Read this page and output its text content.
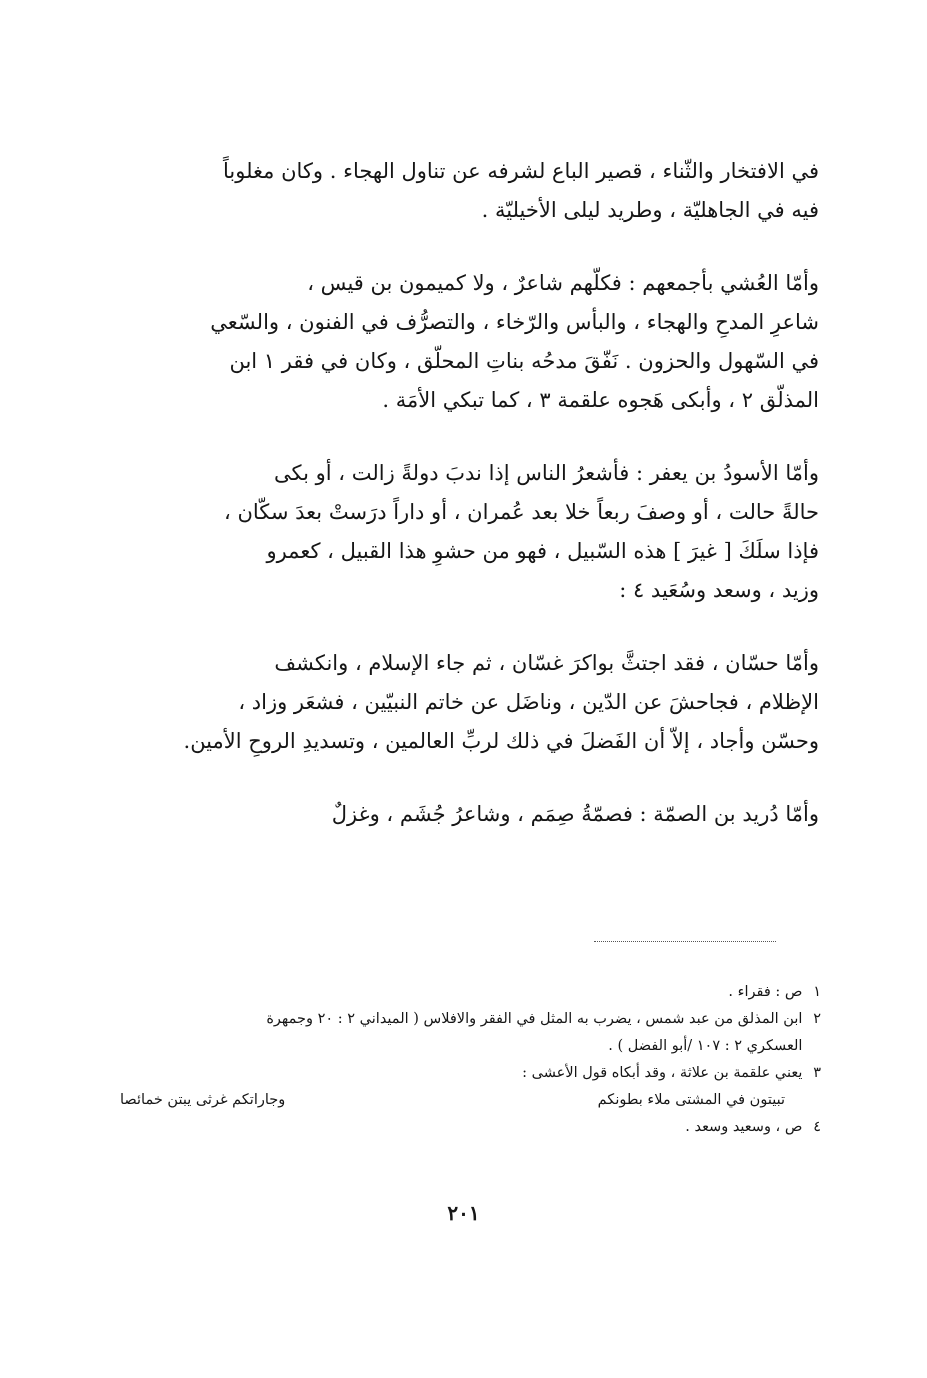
في الافتخار والثّناء ، قصير الباع لشرفه عن تناول الهجاء . وكان مغلوباً
فيه في الجاهليّة ، وطريد ليلى الأخيليّة .
وأمّا العُشي بأجمعهم : فكلّهم شاعرٌ ، ولا كميمون بن قيس ،
شاعرِ المدحِ والهجاء ، والبأس والرّخاء ، والتصرُّف في الفنون ، والسّعي
في السّهول والحزون . نَفّقَ مدحُه بناتِ المحلّق ، وكان في فقر ١ ابن
المذلّق ٢ ، وأبكى هَجوه علقمة ٣ ، كما تبكي الأمَة .
وأمّا الأسودُ بن يعفر : فأشعرُ الناس إذا ندبَ دولةً زالت ، أو بكى
حالةً حالت ، أو وصفَ ربعاً خلا بعد عُمران ، أو داراً درَستْ بعدَ سكّان ،
فإذا سلَكَ [ غيرَ ] هذه السّبيل ، فهو من حشوِ هذا القبيل ، كعمرو
وزيد ، وسعد وسُعَيد ٤ :
وأمّا حسّان ، فقد اجتثَّ بواكرَ غسّان ، ثم جاء الإسلام ، وانكشف
الإظلام ، فجاحشَ عن الدّين ، وناضَل عن خاتم النبيّين ، فشعَر وزاد ،
وحسّن وأجاد ، إلاّ أن الفَضلَ في ذلك لربِّ العالمين ، وتسديدِ الروحِ الأمين.
وأمّا دُريد بن الصمّة : فصمّةُ صِمَم ، وشاعرُ جُشَم ، وغزلٌ
١ ص : فقراء .
٢ ابن المذلق من عبد شمس ، يضرب به المثل في الفقر والافلاس ( الميداني ٢ : ٢٠ وجمهرة
العسكري ٢ : ١٠٧ /أبو الفضل ) .
٣ يعني علقمة بن علاثة ، وقد أبكاه قول الأعشى :
تبيتون في المشتى ملاء بطونكم
وجاراتكم غرثى يبتن خمائصا
٤ ص ، وسعيد وسعد .
٢٠١
